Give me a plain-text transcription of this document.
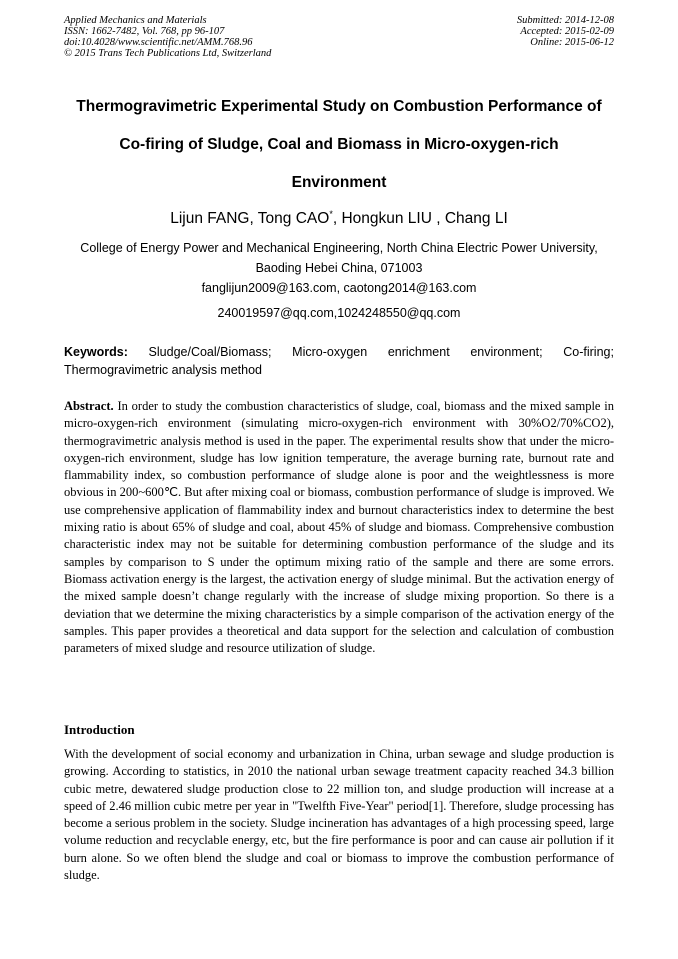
Applied Mechanics and Materials
ISSN: 1662-7482, Vol. 768, pp 96-107
doi:10.4028/www.scientific.net/AMM.768.96
© 2015 Trans Tech Publications Ltd, Switzerland
Submitted: 2014-12-08
Accepted: 2015-02-09
Online: 2015-06-12
Thermogravimetric Experimental Study on Combustion Performance of
Co-firing of Sludge, Coal and Biomass in Micro-oxygen-rich
Environment
Lijun FANG, Tong CAO*, Hongkun LIU , Chang LI
College of Energy Power and Mechanical Engineering, North China Electric Power University,
Baoding Hebei China, 071003
fanglijun2009@163.com, caotong2014@163.com
240019597@qq.com,1024248550@qq.com
Keywords: Sludge/Coal/Biomass; Micro-oxygen enrichment environment; Co-firing;
Thermogravimetric analysis method
Abstract. In order to study the combustion characteristics of sludge, coal, biomass and the mixed sample in micro-oxygen-rich environment (simulating micro-oxygen-rich environment with 30%O2/70%CO2), thermogravimetric analysis method is used in the paper. The experimental results show that under the micro-oxygen-rich environment, sludge has low ignition temperature, the average burning rate, burnout rate and flammability index, so combustion performance of sludge alone is poor and the weightlessness is more obvious in 200~600℃. But after mixing coal or biomass, combustion performance of sludge is improved. We use comprehensive application of flammability index and burnout characteristics index to determine the best mixing ratio is about 65% of sludge and coal, about 45% of sludge and biomass. Comprehensive combustion characteristic index may not be suitable for determining combustion performance of the sludge and its samples by comparison to S under the optimum mixing ratio of the sample and there are some errors. Biomass activation energy is the largest, the activation energy of sludge minimal. But the activation energy of the mixed sample doesn’t change regularly with the increase of sludge mixing proportion. So there is a deviation that we determine the mixing characteristics by a simple comparison of the activation energy of the samples. This paper provides a theoretical and data support for the selection and calculation of combustion parameters of mixed sludge and resource utilization of sludge.
Introduction
With the development of social economy and urbanization in China, urban sewage and sludge production is growing. According to statistics, in 2010 the national urban sewage treatment capacity reached 34.3 billion cubic metre, dewatered sludge production close to 22 million ton, and sludge production will increase at a speed of 2.46 million cubic metre per year in "Twelfth Five-Year" period[1]. Therefore, sludge processing has become a serious problem in the society. Sludge incineration has advantages of a high processing speed, large volume reduction and recyclable energy, etc, but the fire performance is poor and can cause air pollution if it burn alone. So we often blend the sludge and coal or biomass to improve the combustion performance of sludge.
